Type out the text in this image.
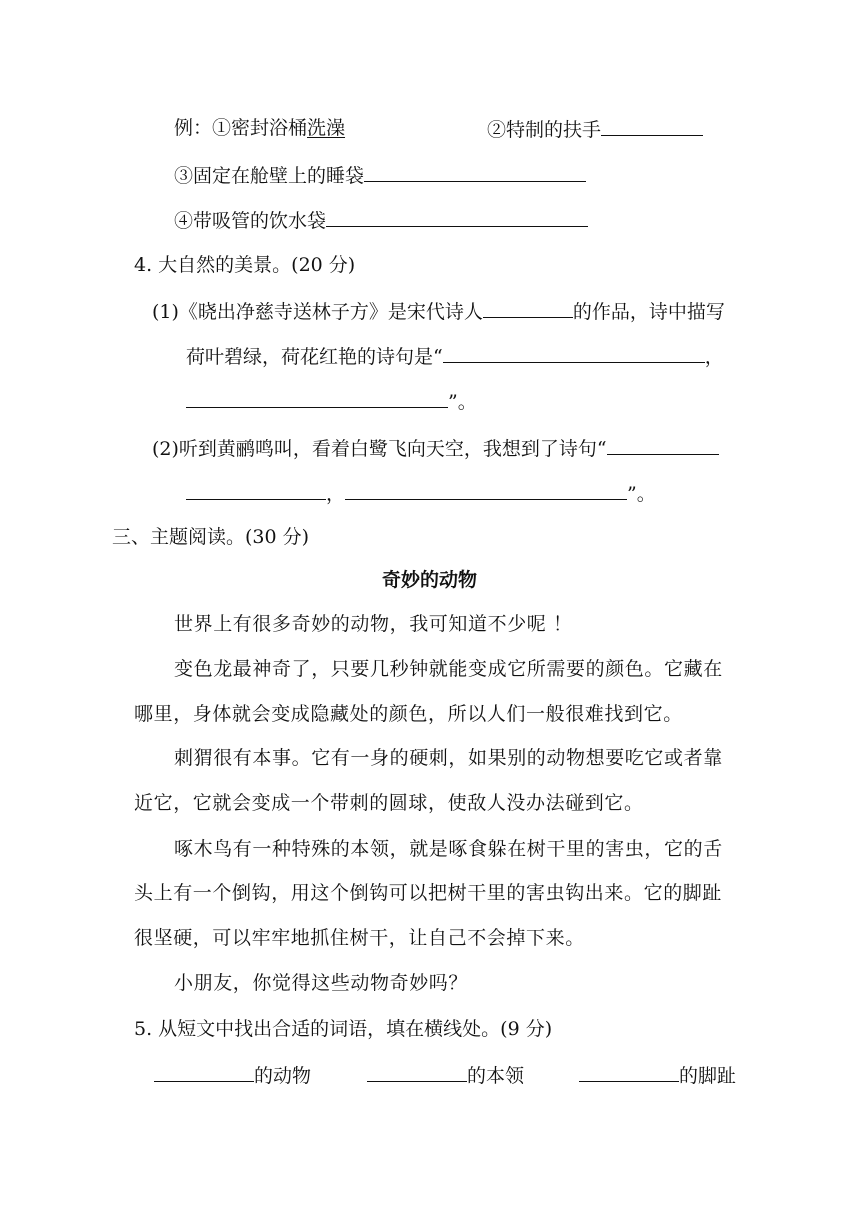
例：①密封浴桶洗澡	②特制的扶手
③固定在舱壁上的睡袋
④带吸管的饮水袋
4. 大自然的美景。(20 分)
(1)《晓出净慈寺送林子方》是宋代诗人	的作品，诗中描写
荷叶碧绿，荷花红艳的诗句是“	，
”。
(2)听到黄鹂鸣叫，看着白鹭飞向天空，我想到了诗句“
，	”。
三、主题阅读。(30 分)
奇妙的动物
世界上有很多奇妙的动物，我可知道不少呢 ！
变色龙最神奇了，只要几秒钟就能变成它所需要的颜色。它藏在
哪里，身体就会变成隐藏处的颜色，所以人们一般很难找到它。
刺猬很有本事。它有一身的硬刺，如果别的动物想要吃它或者靠
近它，它就会变成一个带刺的圆球，使敌人没办法碰到它。
啄木鸟有一种特殊的本领，就是啄食躲在树干里的害虫，它的舌
头上有一个倒钩，用这个倒钩可以把树干里的害虫钩出来。它的脚趾
很坚硬，可以牢牢地抓住树干，让自己不会掉下来。
小朋友，你觉得这些动物奇妙吗？
5. 从短文中找出合适的词语，填在横线处。(9 分)
的动物	的本领	的脚趾
